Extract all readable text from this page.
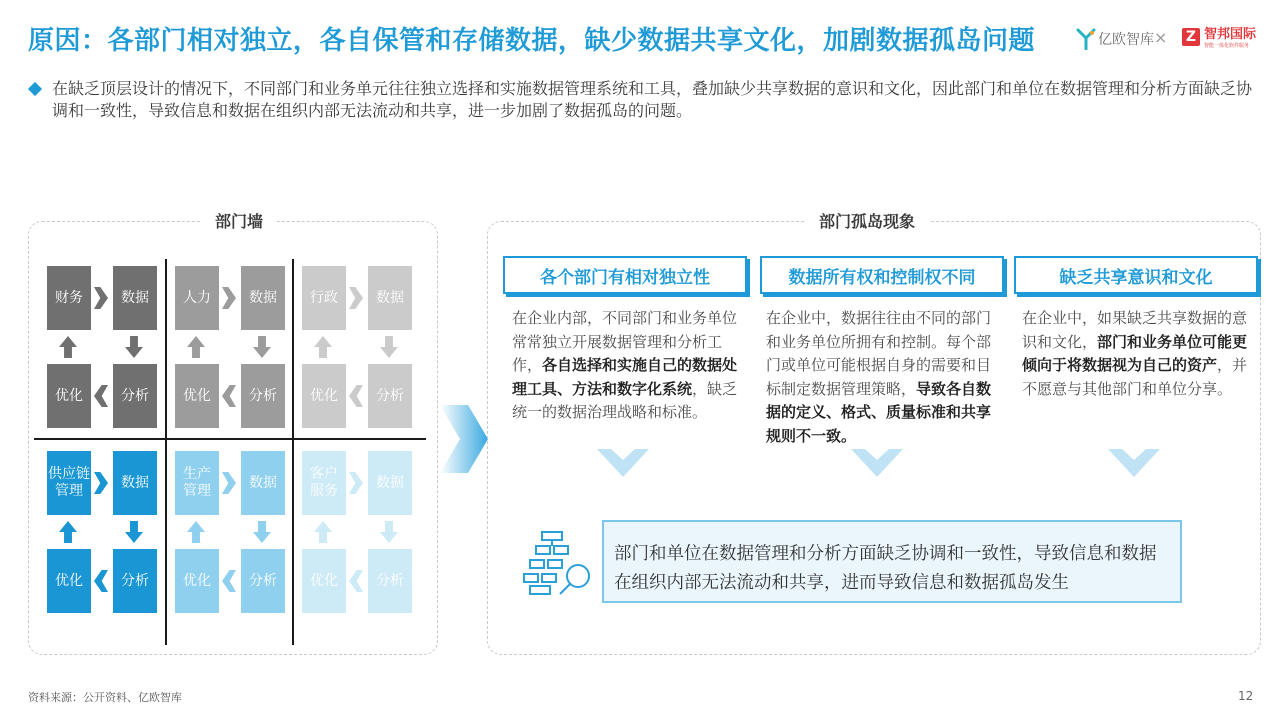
原因：各部门相对独立，各自保管和存储数据，缺少数据共享文化，加剧数据孤岛问题	亿欧智库 × Z 智邦国际
智能一体化软件服务

在缺乏顶层设计的情况下，不同部门和业务单元往往独立选择和实施数据管理系统和工具，叠加缺少共享数据的意识和文化，因此部门和单位在数据管理和分析方面缺乏协调和一致性，导致信息和数据在组织内部无法流动和共享，进一步加剧了数据孤岛的问题。

部门墙
财务	数据
分析
优化
人力	数据
分析
优化
行政	数据
分析
优化
供应链
管理
数据
分析
优化
生产
管理
数据
分析
优化
客户
服务
数据
分析
优化
部门孤岛现象
各个部门有相对独立性	数据所有权和控制权不同	缺乏共享意识和文化

在企业内部，不同部门和业务单位常常独立开展数据管理和分析工作，各自选择和实施自己的数据处理工具、方法和数字化系统，缺乏统一的数据治理战略和标准。

在企业中，数据往往由不同的部门和业务单位所拥有和控制。每个部门或单位可能根据自身的需要和目标制定数据管理策略，导致各自数据的定义、格式、质量标准和共享规则不一致。

在企业中，如果缺乏共享数据的意识和文化，部门和业务单位可能更倾向于将数据视为自己的资产，并不愿意与其他部门和单位分享。

部门和单位在数据管理和分析方面缺乏协调和一致性，导致信息和数据在组织内部无法流动和共享，进而导致信息和数据孤岛发生
资料来源：公开资料、亿欧智库	12
